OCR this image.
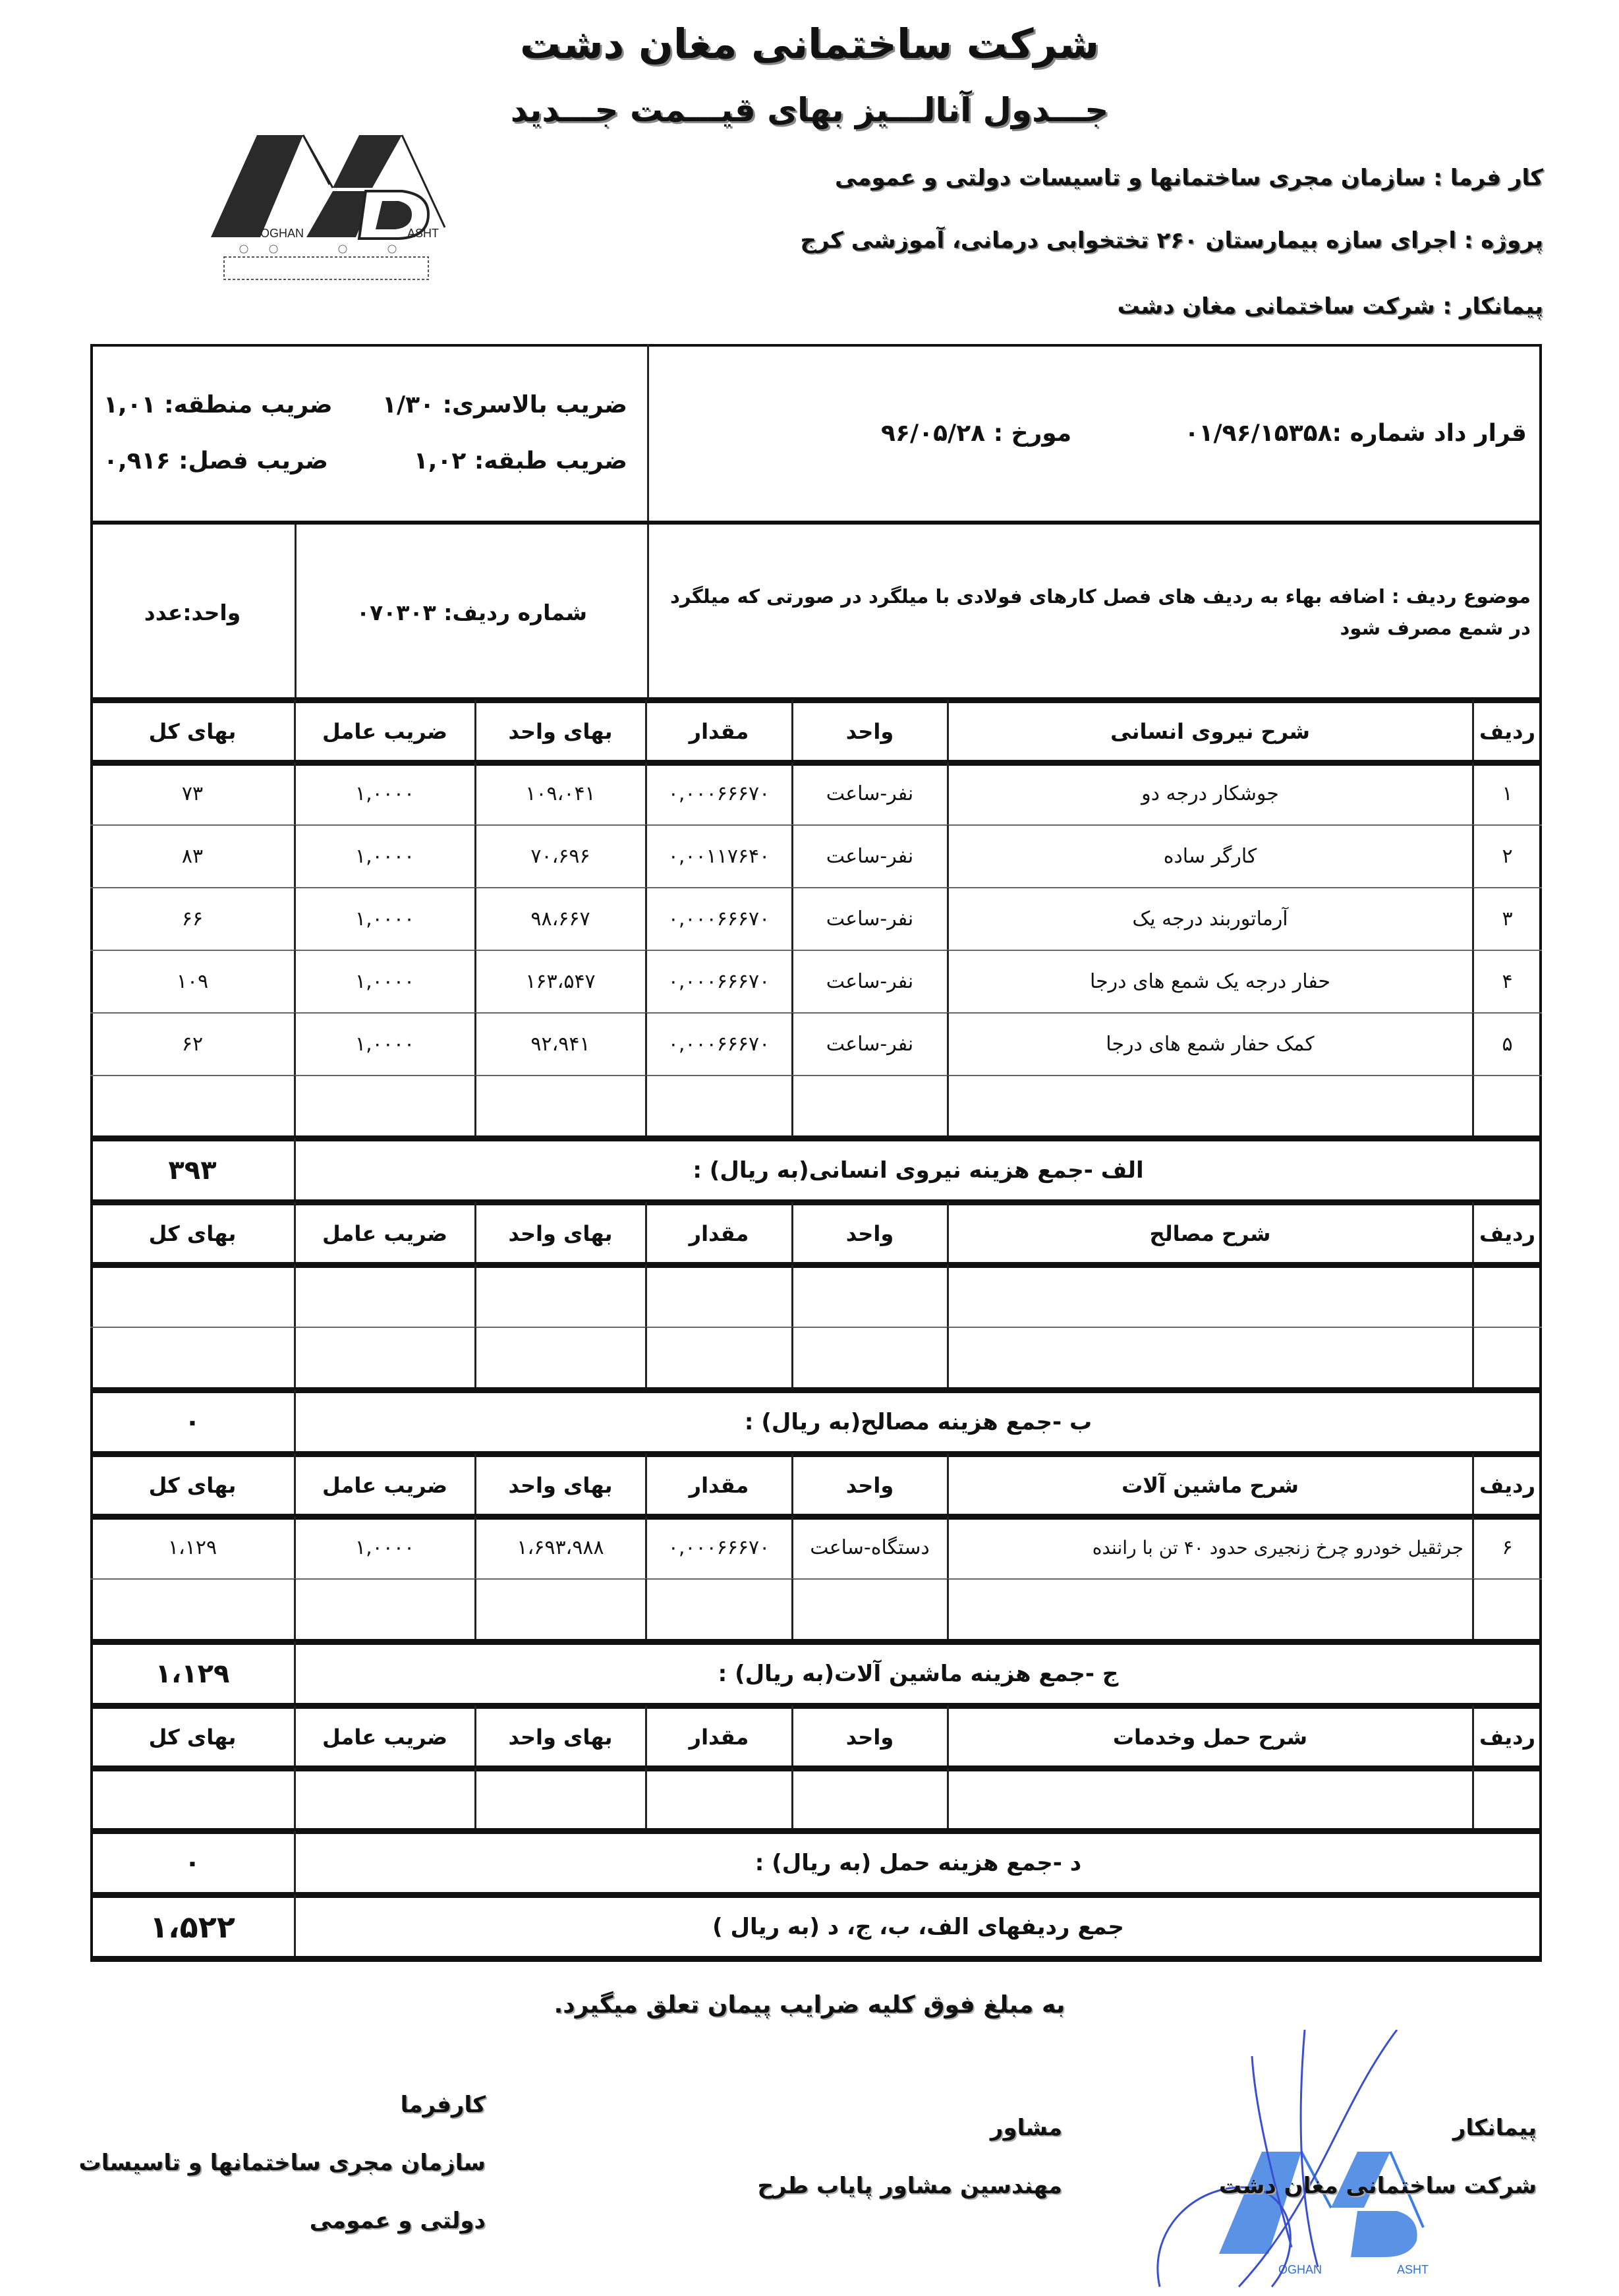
شرکت ساختمانی مغان دشت
جـــدول آنالـــیز بهای قیـــمت جـــدید
OGHAN	ASHT
کار فرما : سازمان مجری ساختمانها و تاسیسات دولتی و عمومی
پروژه : اجرای سازه بیمارستان ۲۶۰ تختخوابی درمانی، آموزشی کرج
پیمانکار : شرکت ساختمانی مغان دشت
قرار داد شماره :۰۱/۹۶/۱۵۳۵۸
مورخ : ۹۶/۰۵/۲۸
ضریب بالاسری: ۱/۳۰
ضریب منطقه: ۱,۰۱
ضریب طبقه: ۱,۰۲
ضریب فصل: ۰,۹۱۶
موضوع ردیف : اضافه بهاء به ردیف های فصل کارهای فولادی با میلگرد در صورتی که میلگرد در شمع مصرف شود
شماره ردیف:

۰۷۰۳۰۳
واحد:
عدد
بهای کل	ضریب عامل	بهای واحد	مقدار	واحد	شرح نیروی انسانی	ردیف
۷۳	۱,۰۰۰۰	۱۰۹،۰۴۱	۰,۰۰۰۶۶۶۷۰	نفر-ساعت	جوشکار درجه دو	۱
۸۳	۱,۰۰۰۰	۷۰،۶۹۶	۰,۰۰۱۱۷۶۴۰	نفر-ساعت	کارگر ساده	۲
۶۶	۱,۰۰۰۰	۹۸،۶۶۷	۰,۰۰۰۶۶۶۷۰	نفر-ساعت	آرماتوربند درجه یک	۳
۱۰۹	۱,۰۰۰۰	۱۶۳،۵۴۷	۰,۰۰۰۶۶۶۷۰	نفر-ساعت	حفار درجه یک شمع های درجا	۴
۶۲	۱,۰۰۰۰	۹۲،۹۴۱	۰,۰۰۰۶۶۶۷۰	نفر-ساعت	کمک حفار شمع های درجا	۵
الف -جمع هزینه نیروی انسانی(به ریال) :
۳۹۳
بهای کل	ضریب عامل	بهای واحد	مقدار	واحد	شرح مصالح	ردیف
ب -جمع هزینه مصالح(به ریال) :
۰
بهای کل	ضریب عامل	بهای واحد	مقدار	واحد	شرح ماشین آلات	ردیف
۱،۱۲۹	۱,۰۰۰۰	۱،۶۹۳،۹۸۸	۰,۰۰۰۶۶۶۷۰	دستگاه-ساعت	جرثقیل خودرو چرخ زنجیری حدود ۴۰ تن با راننده	۶
ج -جمع هزینه ماشین آلات(به ریال) :
۱،۱۲۹
بهای کل	ضریب عامل	بهای واحد	مقدار	واحد	شرح حمل وخدمات	ردیف
د -جمع هزینه حمل (به ریال) :
۰
جمع ردیفهای الف، ب، ج، د (به ریال )
۱،۵۲۲
به مبلغ فوق کلیه ضرایب پیمان تعلق میگیرد.
OGHAN	ASHT
پیمانکار
شرکت ساختمانی مغان دشت
مشاور
مهندسین مشاور پایاب طرح
کارفرما
سازمان مجری ساختمانها و تاسیسات
دولتی و عمومی
